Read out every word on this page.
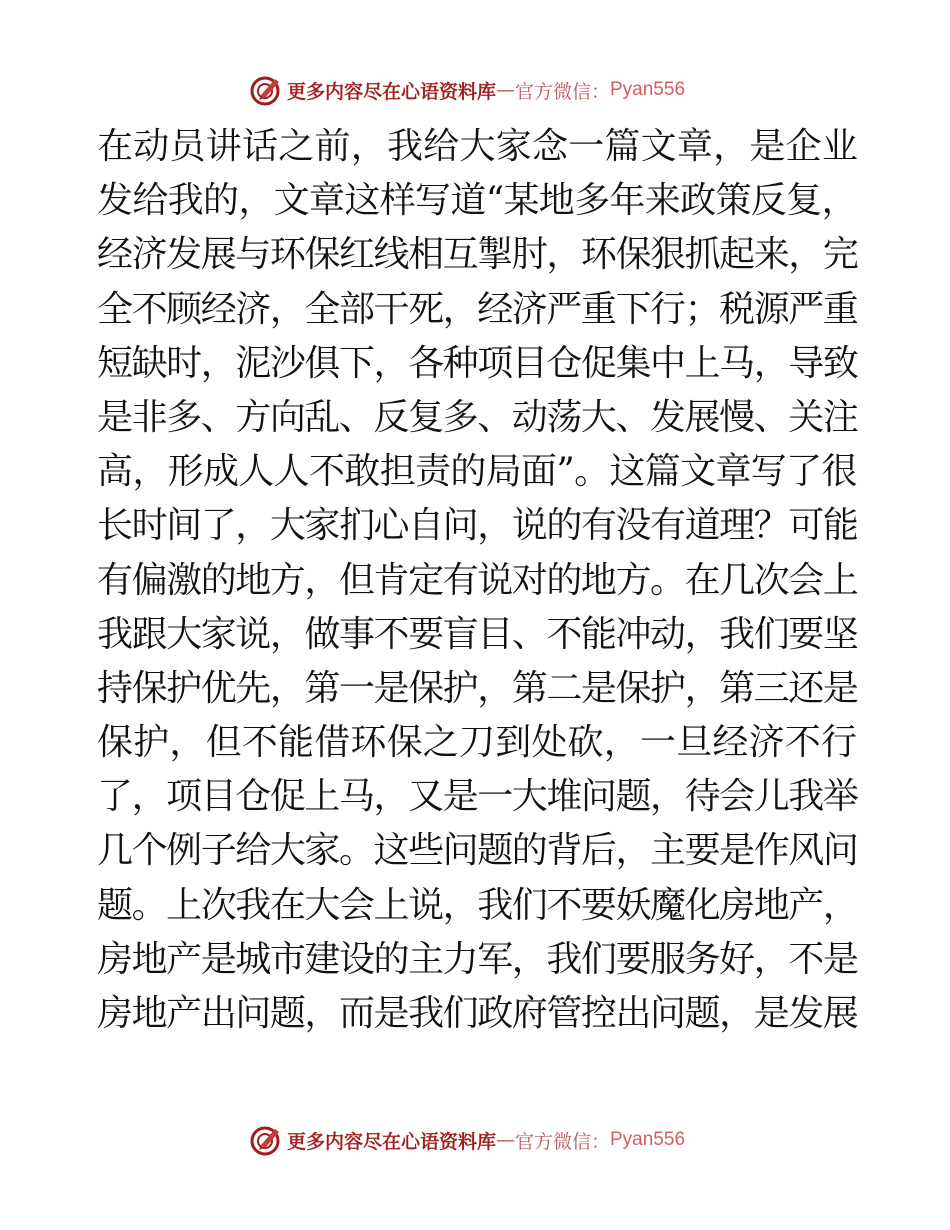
更多内容尽在心语资料库 — 官方微信： Pyan556
在动员讲话之前，我给大家念一篇文章，是企业
发给我的，文章这样写道“某地多年来政策反复，
经济发展与环保红线相互掣肘，环保狠抓起来，完
全不顾经济，全部干死，经济严重下行；税源严重
短缺时，泥沙俱下，各种项目仓促集中上马，导致
是非多、方向乱、反复多、动荡大、发展慢、关注
高，形成人人不敢担责的局面”。这篇文章写了很
长时间了，大家扪心自问，说的有没有道理？可能
有偏激的地方，但肯定有说对的地方。在几次会上
我跟大家说，做事不要盲目、不能冲动，我们要坚
持保护优先，第一是保护，第二是保护，第三还是
保护，但不能借环保之刀到处砍，一旦经济不行
了，项目仓促上马，又是一大堆问题，待会儿我举
几个例子给大家。这些问题的背后，主要是作风问
题。上次我在大会上说，我们不要妖魔化房地产，
房地产是城市建设的主力军，我们要服务好，不是
房地产出问题，而是我们政府管控出问题，是发展
更多内容尽在心语资料库 — 官方微信： Pyan556
